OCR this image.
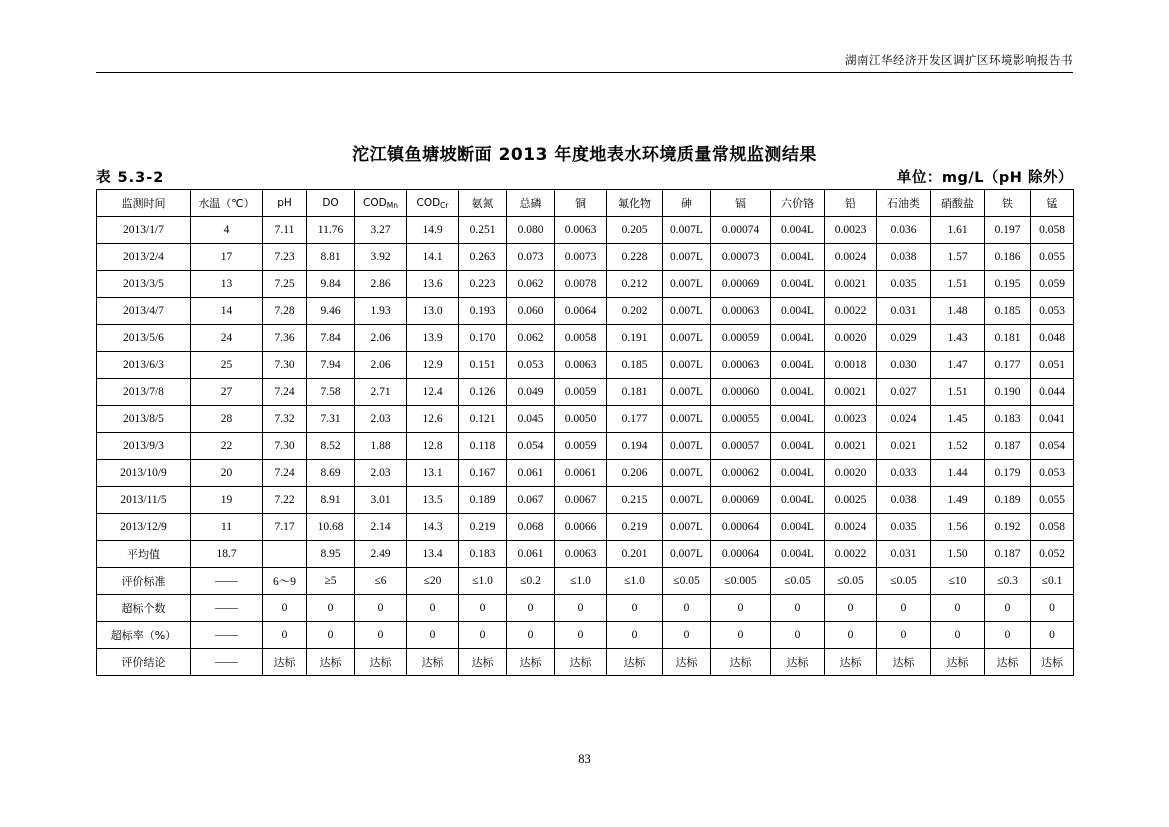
湖南江华经济开发区调扩区环境影响报告书
沱江镇鱼塘坡断面 2013 年度地表水环境质量常规监测结果
表 5.3-2	单位：mg/L（pH 除外）
监测时间	水温（℃）	pH	DO	$COD_{Mn}$	$COD_{Cr}$	氨氮	总磷	铜	氟化物	砷	镉	六价铬	铅	石油类	硝酸盐	铁	锰
2013/1/7	4	7.11	11.76	3.27	14.9	0.251	0.080	0.0063	0.205	0.007L	0.00074	0.004L	0.0023	0.036	1.61	0.197	0.058
2013/2/4	17	7.23	8.81	3.92	14.1	0.263	0.073	0.0073	0.228	0.007L	0.00073	0.004L	0.0024	0.038	1.57	0.186	0.055
2013/3/5	13	7.25	9.84	2.86	13.6	0.223	0.062	0.0078	0.212	0.007L	0.00069	0.004L	0.0021	0.035	1.51	0.195	0.059
2013/4/7	14	7.28	9.46	1.93	13.0	0.193	0.060	0.0064	0.202	0.007L	0.00063	0.004L	0.0022	0.031	1.48	0.185	0.053
2013/5/6	24	7.36	7.84	2.06	13.9	0.170	0.062	0.0058	0.191	0.007L	0.00059	0.004L	0.0020	0.029	1.43	0.181	0.048
2013/6/3	25	7.30	7.94	2.06	12.9	0.151	0.053	0.0063	0.185	0.007L	0.00063	0.004L	0.0018	0.030	1.47	0.177	0.051
2013/7/8	27	7.24	7.58	2.71	12.4	0.126	0.049	0.0059	0.181	0.007L	0.00060	0.004L	0.0021	0.027	1.51	0.190	0.044
2013/8/5	28	7.32	7.31	2.03	12.6	0.121	0.045	0.0050	0.177	0.007L	0.00055	0.004L	0.0023	0.024	1.45	0.183	0.041
2013/9/3	22	7.30	8.52	1.88	12.8	0.118	0.054	0.0059	0.194	0.007L	0.00057	0.004L	0.0021	0.021	1.52	0.187	0.054
2013/10/9	20	7.24	8.69	2.03	13.1	0.167	0.061	0.0061	0.206	0.007L	0.00062	0.004L	0.0020	0.033	1.44	0.179	0.053
2013/11/5	19	7.22	8.91	3.01	13.5	0.189	0.067	0.0067	0.215	0.007L	0.00069	0.004L	0.0025	0.038	1.49	0.189	0.055
2013/12/9	11	7.17	10.68	2.14	14.3	0.219	0.068	0.0066	0.219	0.007L	0.00064	0.004L	0.0024	0.035	1.56	0.192	0.058
平均值	18.7		8.95	2.49	13.4	0.183	0.061	0.0063	0.201	0.007L	0.00064	0.004L	0.0022	0.031	1.50	0.187	0.052
评价标准	——	6～9	≥5	≤6	≤20	≤1.0	≤0.2	≤1.0	≤1.0	≤0.05	≤0.005	≤0.05	≤0.05	≤0.05	≤10	≤0.3	≤0.1
超标个数	——	0	0	0	0	0	0	0	0	0	0	0	0	0	0	0	0
超标率（%）	——	0	0	0	0	0	0	0	0	0	0	0	0	0	0	0	0
评价结论	——	达标	达标	达标	达标	达标	达标	达标	达标	达标	达标	达标	达标	达标	达标	达标	达标
83
